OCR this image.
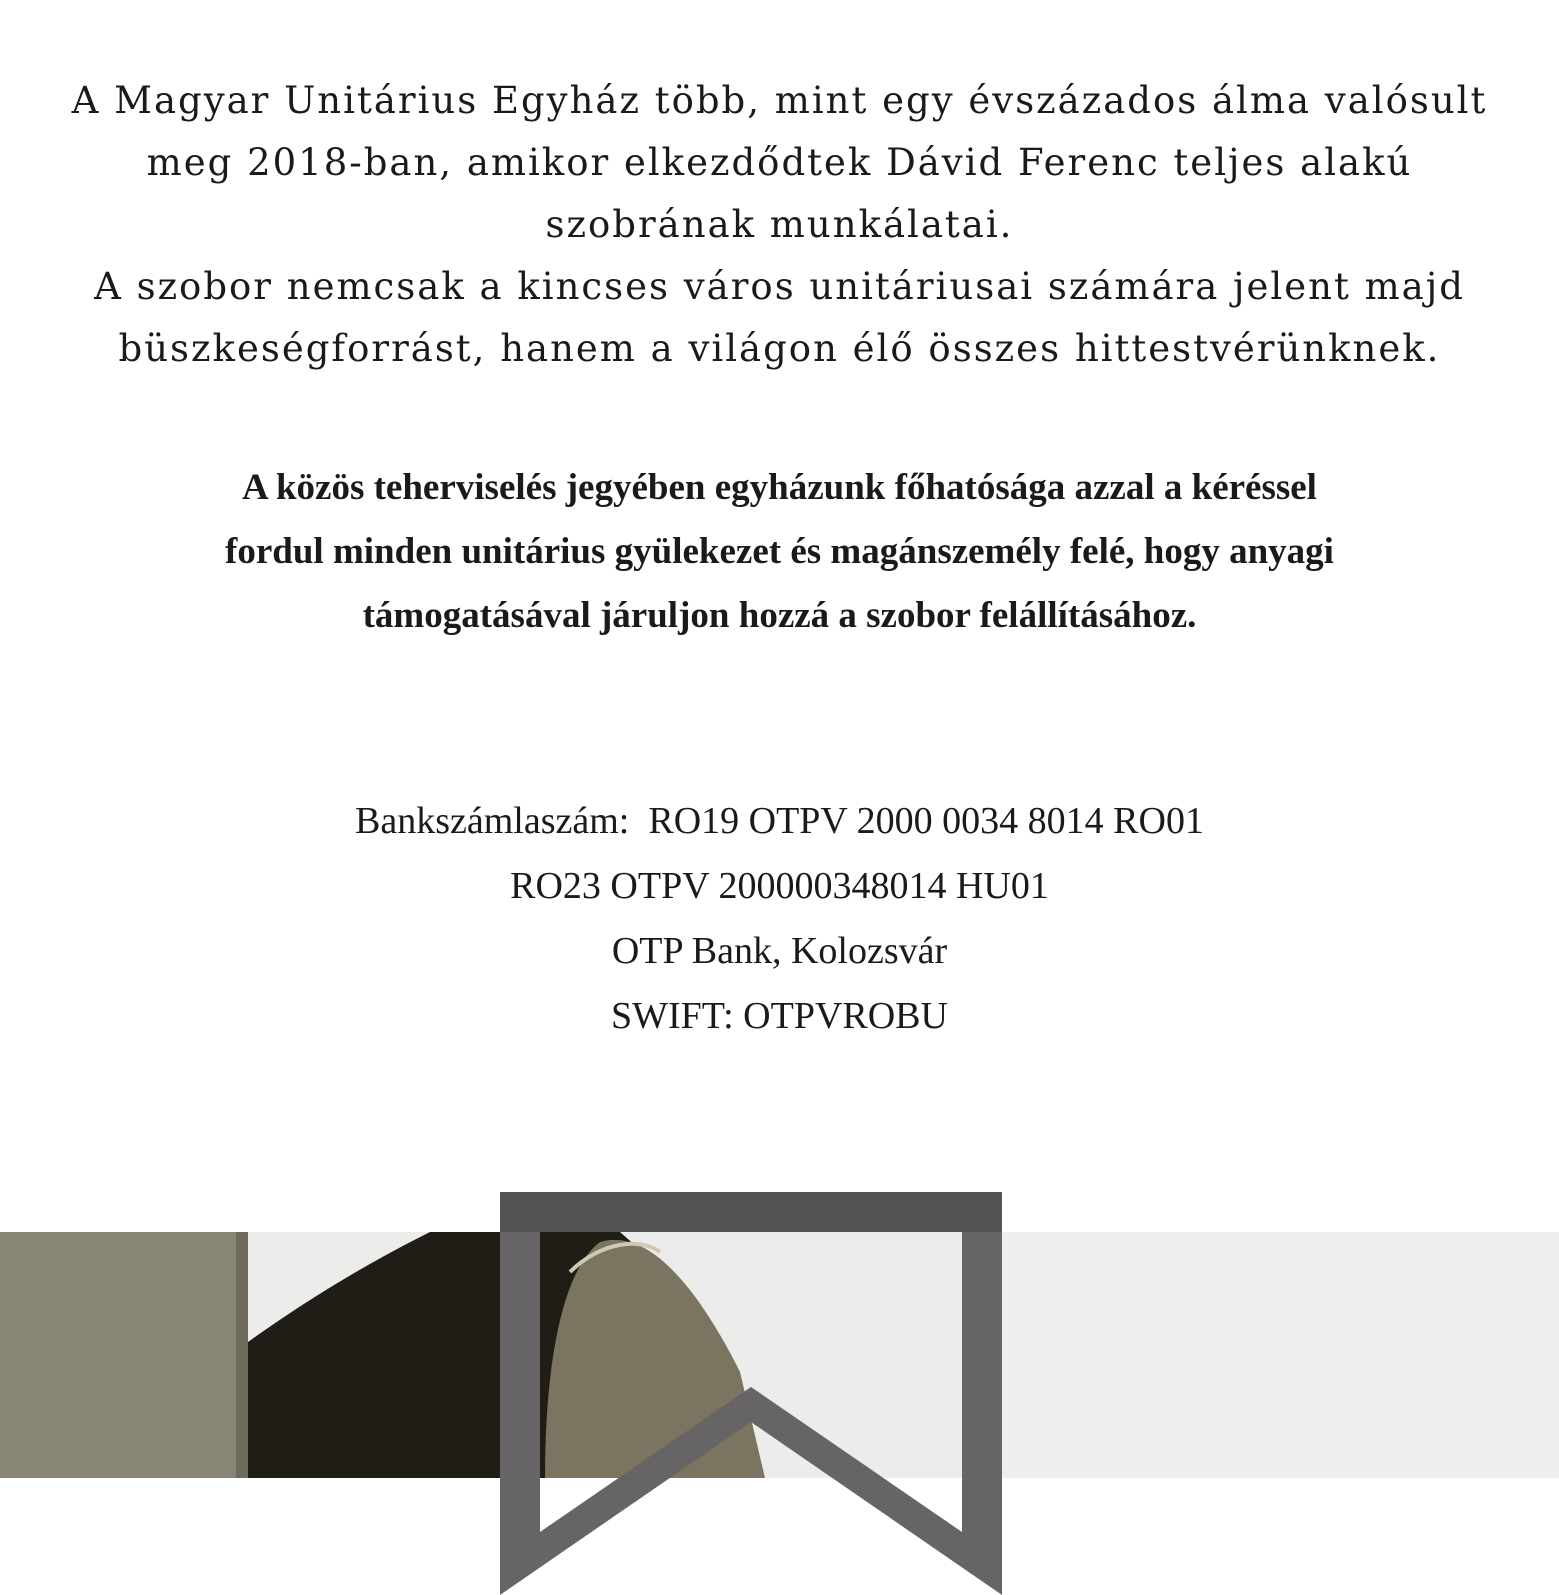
A Magyar Unitárius Egyház több, mint egy évszázados álma valósult
meg 2018-ban, amikor elkezdődtek Dávid Ferenc teljes alakú
szobrának munkálatai.
A szobor nemcsak a kincses város unitáriusai számára jelent majd
büszkeségforrást, hanem a világon élő összes hittestvérünknek.
A közös teherviselés jegyében egyházunk főhatósága azzal a kéréssel
fordul minden unitárius gyülekezet és magánszemély felé, hogy anyagi
támogatásával járuljon hozzá a szobor felállításához.
Bankszámlaszám:  RO19 OTPV 2000 0034 8014 RO01
RO23 OTPV 200000348014 HU01
OTP Bank, Kolozsvár
SWIFT: OTPVROBU
